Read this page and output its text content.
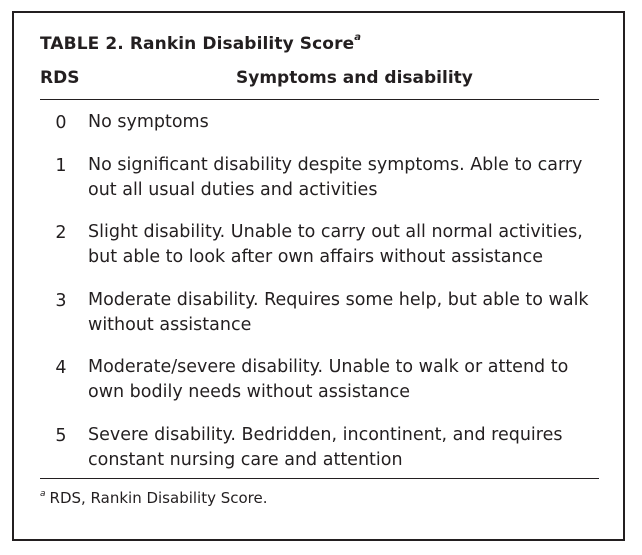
TABLE 2. Rankin Disability Score$^a$
RDS	Symptoms and disability
0 No symptoms
1 No significant disability despite symptoms. Able to carry out all usual duties and activities
2 Slight disability. Unable to carry out all normal activities, but able to look after own affairs without assistance
3 Moderate disability. Requires some help, but able to walk without assistance
4 Moderate/severe disability. Unable to walk or attend to own bodily needs without assistance
5 Severe disability. Bedridden, incontinent, and requires constant nursing care and attention
$^a$ RDS, Rankin Disability Score.
